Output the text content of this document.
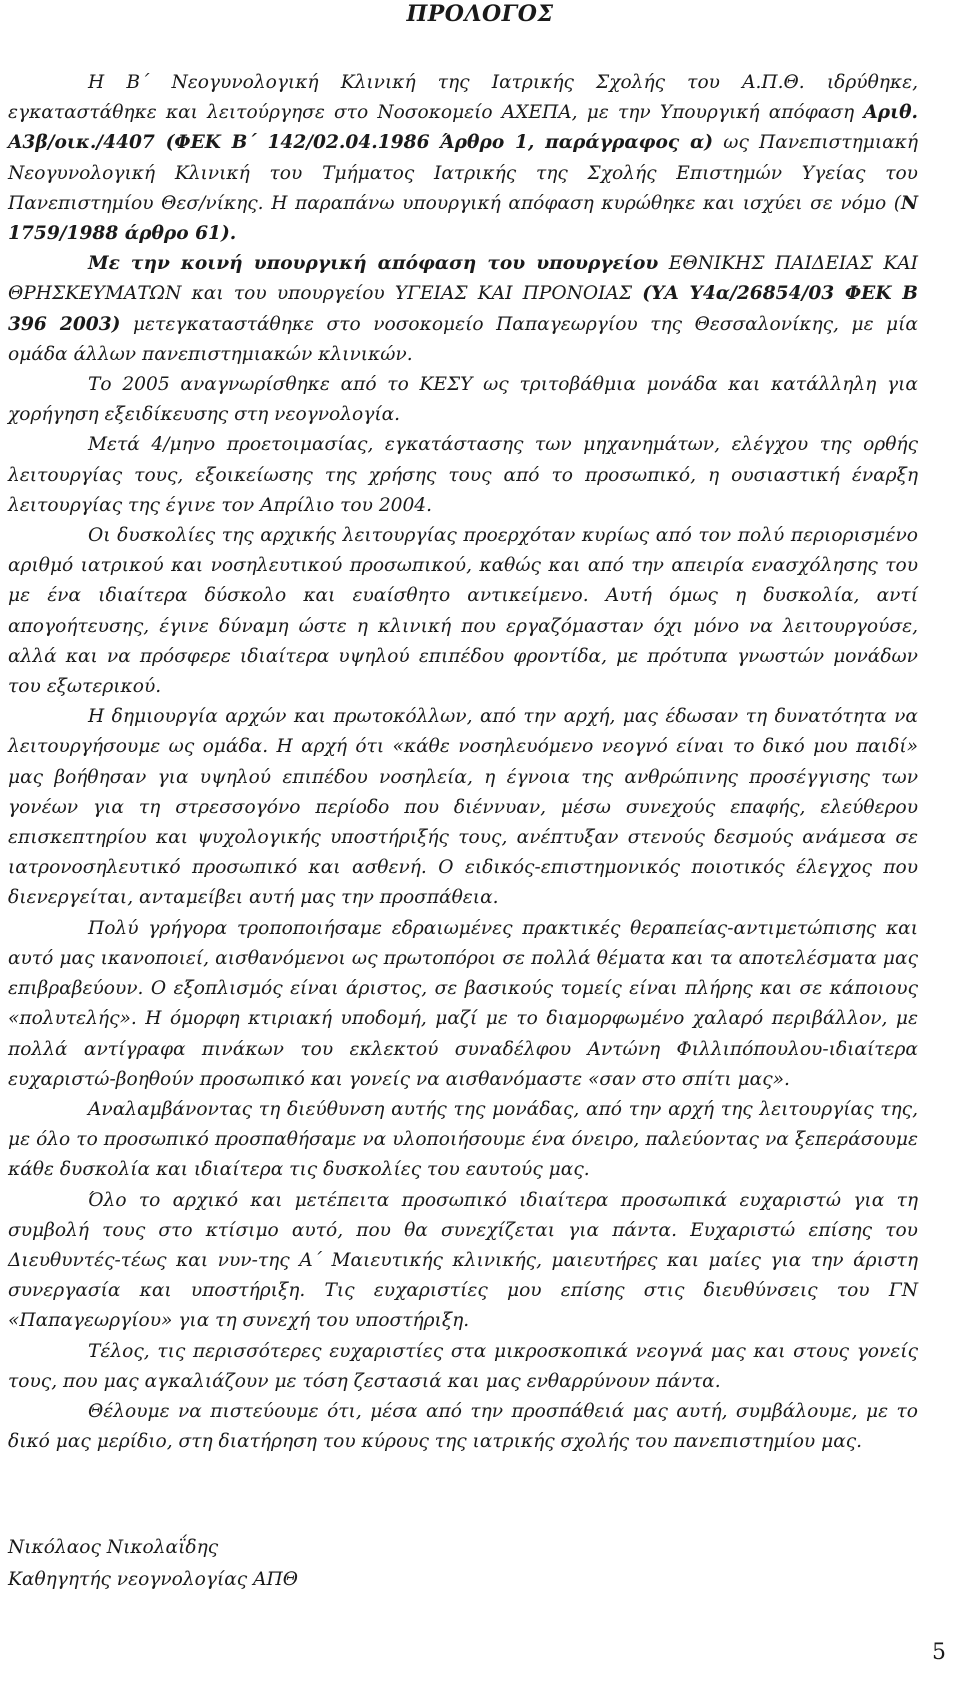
ΠΡΟΛΟΓΟΣ

Η Β΄ Νεογυνολογική Κλινική της Ιατρικής Σχολής του Α.Π.Θ. ιδρύθηκε, εγκαταστάθηκε και λειτούργησε στο Νοσοκομείο ΑΧΕΠΑ, με την Υπουργική απόφαση Αριθ. Α3β/οικ./4407 (ΦΕΚ Β΄ 142/02.04.1986 Άρθρο 1, παράγραφος α) ως Πανεπιστημιακή Νεογυνολογική Κλινική του Τμήματος Ιατρικής της Σχολής Επιστημών Υγείας του Πανεπιστημίου Θεσ/νίκης. Η παραπάνω υπουργική απόφαση κυρώθηκε και ισχύει σε νόμο (Ν 1759/1988 άρθρο 61).

Με την κοινή υπουργική απόφαση του υπουργείου ΕΘΝΙΚΗΣ ΠΑΙΔΕΙΑΣ ΚΑΙ ΘΡΗΣΚΕΥΜΑΤΩΝ και του υπουργείου ΥΓΕΙΑΣ ΚΑΙ ΠΡΟΝΟΙΑΣ (ΥΑ Υ4α/26854/03 ΦΕΚ Β 396 2003) μετεγκαταστάθηκε στο νοσοκομείο Παπαγεωργίου της Θεσσαλονίκης, με μία ομάδα άλλων πανεπιστημιακών κλινικών.

Το 2005 αναγνωρίσθηκε από το ΚΕΣΥ ως τριτοβάθμια μονάδα και κατάλληλη για χορήγηση εξειδίκευσης στη νεογνολογία.

Μετά 4/μηνο προετοιμασίας, εγκατάστασης των μηχανημάτων, ελέγχου της ορθής λειτουργίας τους, εξοικείωσης της χρήσης τους από το προσωπικό, η ουσιαστική έναρξη λειτουργίας της έγινε τον Απρίλιο του 2004.

Οι δυσκολίες της αρχικής λειτουργίας προερχόταν κυρίως από τον πολύ περιορισμένο αριθμό ιατρικού και νοσηλευτικού προσωπικού, καθώς και από την απειρία ενασχόλησης του με ένα ιδιαίτερα δύσκολο και ευαίσθητο αντικείμενο. Αυτή όμως η δυσκολία, αντί απογοήτευσης, έγινε δύναμη ώστε η κλινική που εργαζόμασταν όχι μόνο να λειτουργούσε, αλλά και να πρόσφερε ιδιαίτερα υψηλού επιπέδου φροντίδα, με πρότυπα γνωστών μονάδων του εξωτερικού.

Η δημιουργία αρχών και πρωτοκόλλων, από την αρχή, μας έδωσαν τη δυνατότητα να λειτουργήσουμε ως ομάδα. Η αρχή ότι «κάθε νοσηλευόμενο νεογνό είναι το δικό μου παιδί» μας βοήθησαν για υψηλού επιπέδου νοσηλεία, η έγνοια της ανθρώπινης προσέγγισης των γονέων για τη στρεσσογόνο περίοδο που διέννυαν, μέσω συνεχούς επαφής, ελεύθερου επισκεπτηρίου και ψυχολογικής υποστήριξής τους, ανέπτυξαν στενούς δεσμούς ανάμεσα σε ιατρονοσηλευτικό προσωπικό και ασθενή. Ο ειδικός-επιστημονικός ποιοτικός έλεγχος που διενεργείται, ανταμείβει αυτή μας την προσπάθεια.

Πολύ γρήγορα τροποποιήσαμε εδραιωμένες πρακτικές θεραπείας-αντιμετώπισης και αυτό μας ικανοποιεί, αισθανόμενοι ως πρωτοπόροι σε πολλά θέματα και τα αποτελέσματα μας επιβραβεύουν. Ο εξοπλισμός είναι άριστος, σε βασικούς τομείς είναι πλήρης και σε κάποιους «πολυτελής». Η όμορφη κτιριακή υποδομή, μαζί με το διαμορφωμένο χαλαρό περιβάλλον, με πολλά αντίγραφα πινάκων του εκλεκτού συναδέλφου Αντώνη Φιλλιπόπουλου-ιδιαίτερα ευχαριστώ-βοηθούν προσωπικό και γονείς να αισθανόμαστε «σαν στο σπίτι μας».

Αναλαμβάνοντας τη διεύθυνση αυτής της μονάδας, από την αρχή της λειτουργίας της, με όλο το προσωπικό προσπαθήσαμε να υλοποιήσουμε ένα όνειρο, παλεύοντας να ξεπεράσουμε κάθε δυσκολία και ιδιαίτερα τις δυσκολίες του εαυτούς μας.

Όλο το αρχικό και μετέπειτα προσωπικό ιδιαίτερα προσωπικά ευχαριστώ για τη συμβολή τους στο κτίσιμο αυτό, που θα συνεχίζεται για πάντα. Ευχαριστώ επίσης του Διευθυντές-τέως και νυν-της Α΄ Μαιευτικής κλινικής, μαιευτήρες και μαίες για την άριστη συνεργασία και υποστήριξη. Τις ευχαριστίες μου επίσης στις διευθύνσεις του ΓΝ «Παπαγεωργίου» για τη συνεχή του υποστήριξη.

Τέλος, τις περισσότερες ευχαριστίες στα μικροσκοπικά νεογνά μας και στους γονείς τους, που μας αγκαλιάζουν με τόση ζεστασιά και μας ενθαρρύνουν πάντα.

Θέλουμε να πιστεύουμε ότι, μέσα από την προσπάθειά μας αυτή, συμβάλουμε, με το δικό μας μερίδιο, στη διατήρηση του κύρους της ιατρικής σχολής του πανεπιστημίου μας.

Νικόλαος Νικολαΐδης
Καθηγητής νεογνολογίας ΑΠΘ
5
